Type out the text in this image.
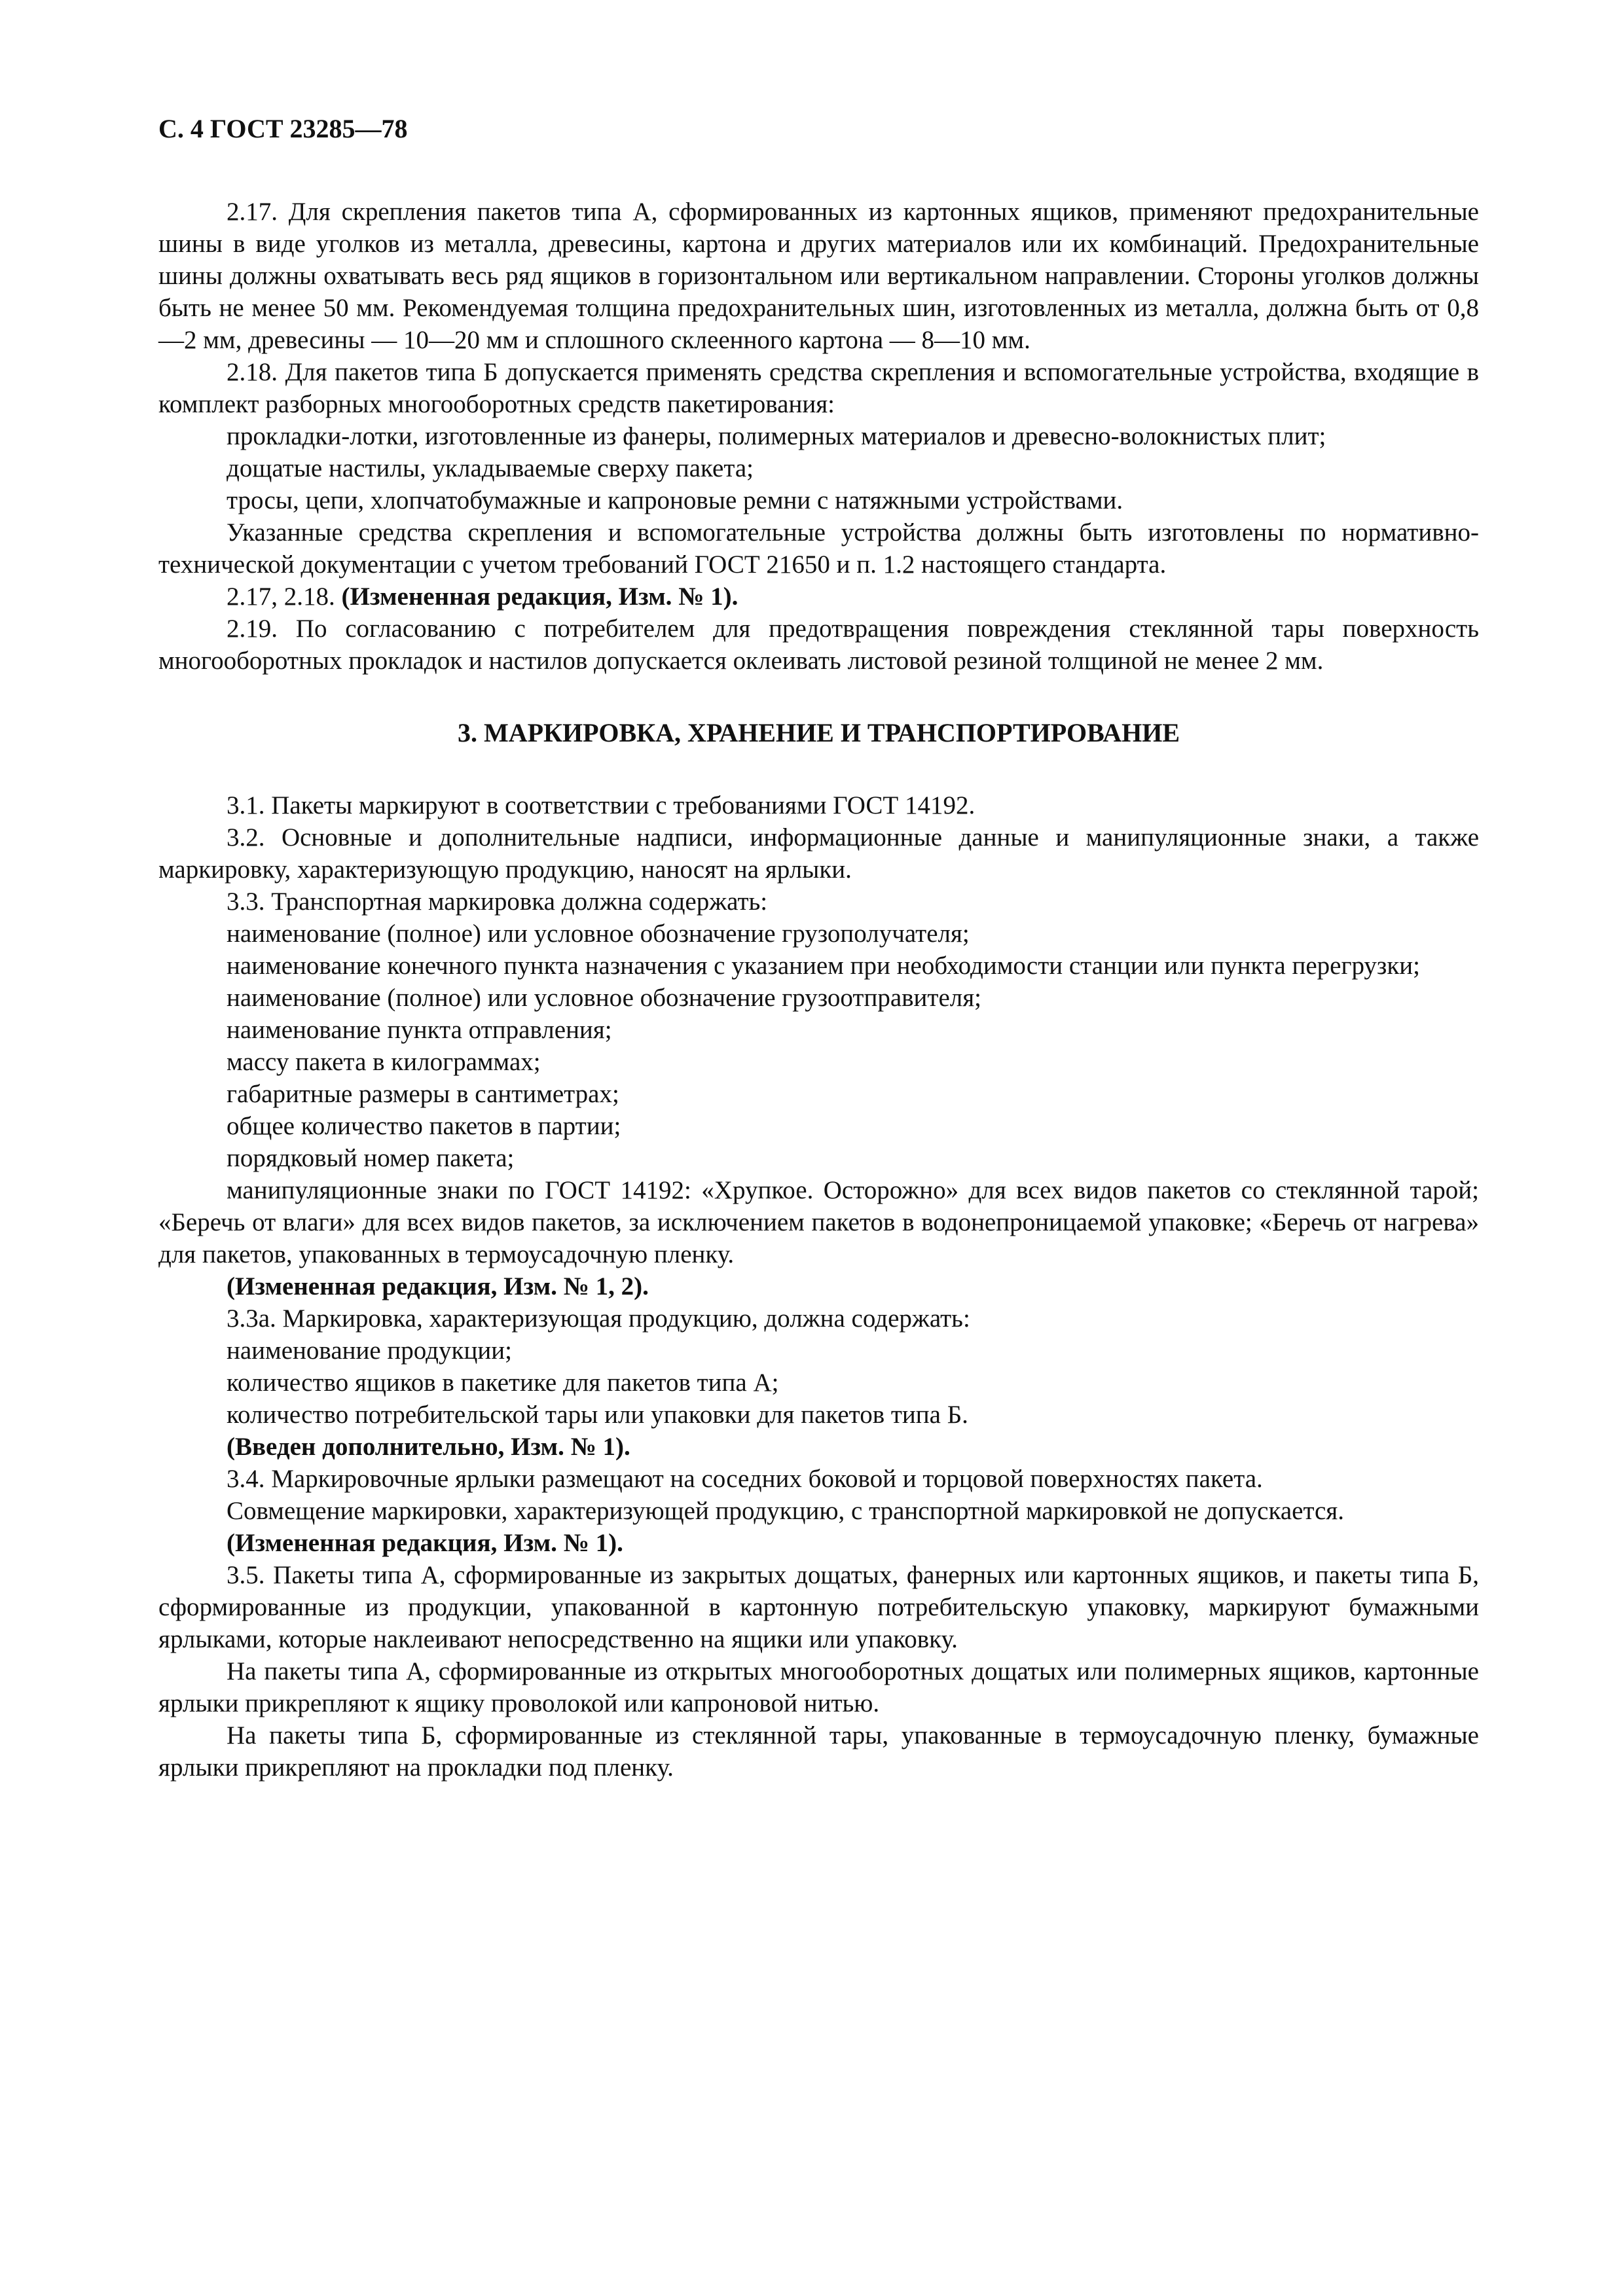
С. 4 ГОСТ 23285—78

2.17. Для скрепления пакетов типа А, сформированных из картонных ящиков, применяют предохранительные шины в виде уголков из металла, древесины, картона и других материалов или их комбинаций. Предохранительные шины должны охватывать весь ряд ящиков в горизонтальном или вертикальном направлении. Стороны уголков должны быть не менее 50 мм. Рекомендуемая толщина предохранительных шин, изготовленных из металла, должна быть от 0,8—2 мм, древесины — 10—20 мм и сплошного склеенного картона — 8—10 мм.

2.18. Для пакетов типа Б допускается применять средства скрепления и вспомогательные устройства, входящие в комплект разборных многооборотных средств пакетирования:

прокладки-лотки, изготовленные из фанеры, полимерных материалов и древесно-волокнистых плит;

дощатые настилы, укладываемые сверху пакета;

тросы, цепи, хлопчатобумажные и капроновые ремни с натяжными устройствами.

Указанные средства скрепления и вспомогательные устройства должны быть изготовлены по нормативно-технической документации с учетом требований ГОСТ 21650 и п. 1.2 настоящего стандарта.

2.17, 2.18. (Измененная редакция, Изм. № 1).

2.19. По согласованию с потребителем для предотвращения повреждения стеклянной тары поверхность многооборотных прокладок и настилов допускается оклеивать листовой резиной толщиной не менее 2 мм.

3. МАРКИРОВКА, ХРАНЕНИЕ И ТРАНСПОРТИРОВАНИЕ

3.1. Пакеты маркируют в соответствии с требованиями ГОСТ 14192.

3.2. Основные и дополнительные надписи, информационные данные и манипуляционные знаки, а также маркировку, характеризующую продукцию, наносят на ярлыки.

3.3. Транспортная маркировка должна содержать:

наименование (полное) или условное обозначение грузополучателя;

наименование конечного пункта назначения с указанием при необходимости станции или пункта перегрузки;

наименование (полное) или условное обозначение грузоотправителя;

наименование пункта отправления;

массу пакета в килограммах;

габаритные размеры в сантиметрах;

общее количество пакетов в партии;

порядковый номер пакета;

манипуляционные знаки по ГОСТ 14192: «Хрупкое. Осторожно» для всех видов пакетов со стеклянной тарой; «Беречь от влаги» для всех видов пакетов, за исключением пакетов в водонепроницаемой упаковке; «Беречь от нагрева» для пакетов, упакованных в термоусадочную пленку.

(Измененная редакция, Изм. № 1, 2).

3.3а. Маркировка, характеризующая продукцию, должна содержать:

наименование продукции;

количество ящиков в пакетике для пакетов типа А;

количество потребительской тары или упаковки для пакетов типа Б.

(Введен дополнительно, Изм. № 1).

3.4. Маркировочные ярлыки размещают на соседних боковой и торцовой поверхностях пакета.

Совмещение маркировки, характеризующей продукцию, с транспортной маркировкой не допускается.

(Измененная редакция, Изм. № 1).

3.5. Пакеты типа А, сформированные из закрытых дощатых, фанерных или картонных ящиков, и пакеты типа Б, сформированные из продукции, упакованной в картонную потребительскую упаковку, маркируют бумажными ярлыками, которые наклеивают непосредственно на ящики или упаковку.

На пакеты типа А, сформированные из открытых многооборотных дощатых или полимерных ящиков, картонные ярлыки прикрепляют к ящику проволокой или капроновой нитью.

На пакеты типа Б, сформированные из стеклянной тары, упакованные в термоусадочную пленку, бумажные ярлыки прикрепляют на прокладки под пленку.
